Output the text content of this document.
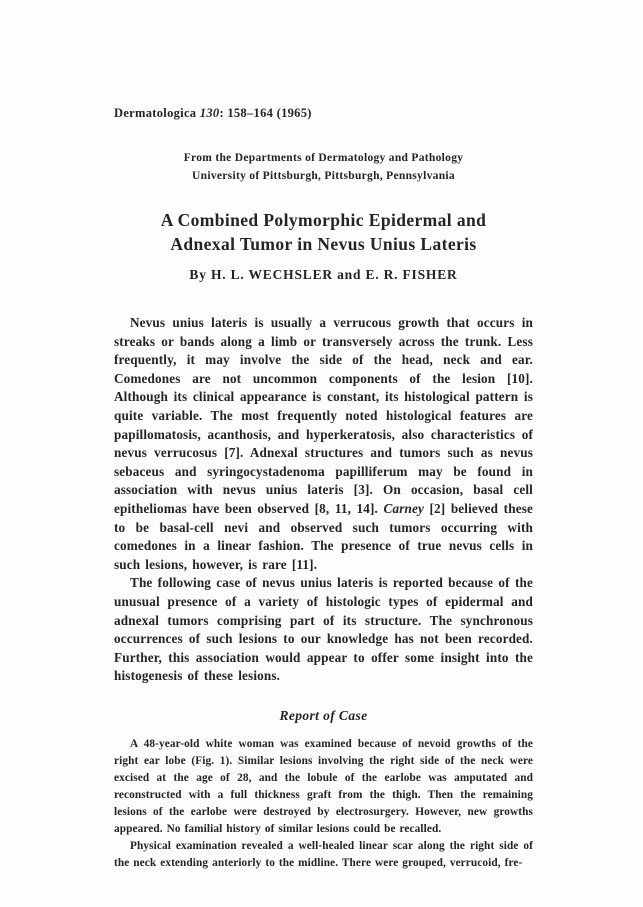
Dermatologica 130: 158–164 (1965)
From the Departments of Dermatology and Pathology
University of Pittsburgh, Pittsburgh, Pennsylvania
A Combined Polymorphic Epidermal and
Adnexal Tumor in Nevus Unius Lateris
By H. L. WECHSLER and E. R. FISHER

Nevus unius lateris is usually a verrucous growth that occurs in streaks or bands along a limb or transversely across the trunk. Less frequently, it may involve the side of the head, neck and ear. Comedones are not uncommon components of the lesion [10]. Although its clinical appearance is constant, its histological pattern is quite variable. The most frequently noted histological features are papillomatosis, acanthosis, and hyperkeratosis, also characteristics of nevus verrucosus [7]. Adnexal structures and tumors such as nevus sebaceus and syringocystadenoma papilliferum may be found in association with nevus unius lateris [3]. On occasion, basal cell epitheliomas have been observed [8, 11, 14]. Carney [2] believed these to be basal-cell nevi and observed such tumors occurring with comedones in a linear fashion. The presence of true nevus cells in such lesions, however, is rare [11].

The following case of nevus unius lateris is reported because of the unusual presence of a variety of histologic types of epidermal and adnexal tumors comprising part of its structure. The synchronous occurrences of such lesions to our knowledge has not been recorded. Further, this association would appear to offer some insight into the histogenesis of these lesions.

Report of Case

A 48-year-old white woman was examined because of nevoid growths of the right ear lobe (Fig. 1). Similar lesions involving the right side of the neck were excised at the age of 28, and the lobule of the earlobe was amputated and reconstructed with a full thickness graft from the thigh. Then the remaining lesions of the earlobe were destroyed by electrosurgery. However, new growths appeared. No familial history of similar lesions could be recalled.

Physical examination revealed a well-healed linear scar along the right side of the neck extending anteriorly to the midline. There were grouped, verrucoid, fre-
